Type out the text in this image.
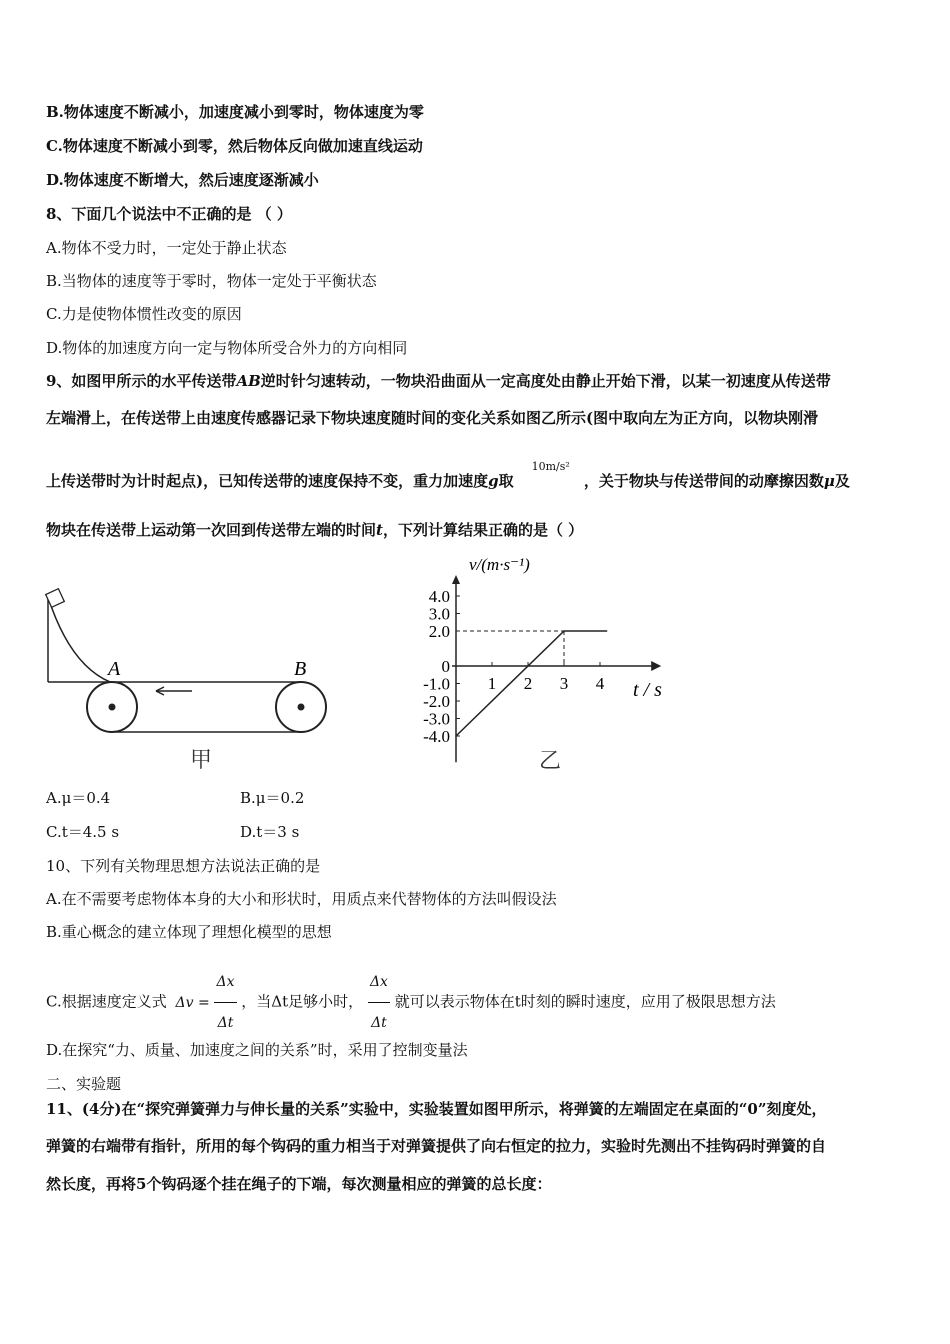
B.物体速度不断减小，加速度减小到零时，物体速度为零
C.物体速度不断减小到零，然后物体反向做加速直线运动
D.物体速度不断增大，然后速度逐渐减小
8、下面几个说法中不正确的是 （ ）
A.物体不受力时，一定处于静止状态
B.当物体的速度等于零时，物体一定处于平衡状态
C.力是使物体惯性改变的原因
D.物体的加速度方向一定与物体所受合外力的方向相同
9、如图甲所示的水平传送带AB逆时针匀速转动，一物块沿曲面从一定高度处由静止开始下滑，以某一初速度从传送带
左端滑上，在传送带上由速度传感器记录下物块速度随时间的变化关系如图乙所示(图中取向左为正方向，以物块刚滑
上传送带时为计时起点)，已知传送带的速度保持不变，重力加速度g取$^{10m/s^2}$，关于物块与传送带间的动摩擦因数μ及
物块在传送带上运动第一次回到传送带左端的时间t，下列计算结果正确的是（ ）
A	B
甲
4.0
3.0
2.0
0
-1.0
-2.0
-3.0
-4.0
1 2 3 4
v/(m·s⁻¹)
t / s
乙
A.μ＝0.4	B.μ＝0.2
C.t＝4.5 s	D.t＝3 s
10、下列有关物理思想方法说法正确的是
A.在不需要考虑物体本身的大小和形状时，用质点来代替物体的方法叫假设法
B.重心概念的建立体现了理想化模型的思想
C.根据速度定义式 $\Delta v = \frac{\Delta x}{\Delta t}$ ，当Δt足够小时， $\frac{\Delta x}{\Delta t}$ 就可以表示物体在t时刻的瞬时速度，应用了极限思想方法
D.在探究“力、质量、加速度之间的关系”时，采用了控制变量法
二、实验题
11、(4分)在“探究弹簧弹力与伸长量的关系”实验中，实验装置如图甲所示，将弹簧的左端固定在桌面的“0”刻度处，
弹簧的右端带有指针，所用的每个钩码的重力相当于对弹簧提供了向右恒定的拉力，实验时先测出不挂钩码时弹簧的自
然长度，再将5个钩码逐个挂在绳子的下端，每次测量相应的弹簧的总长度：
